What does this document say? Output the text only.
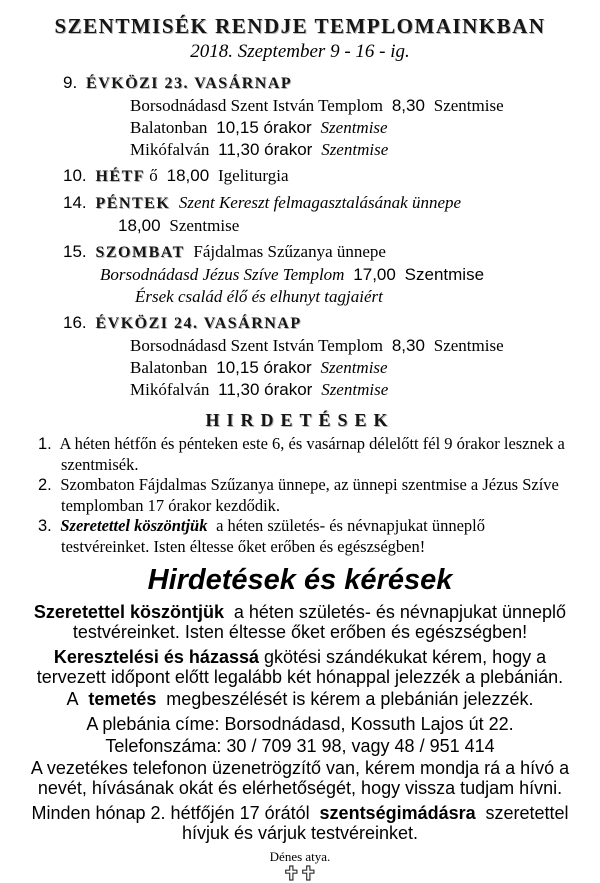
SZENTMISÉK RENDJE TEMPLOMAINKBAN
2018. Szeptember 9 - 16 - ig.
9. ÉVKÖZI 23. VASÁRNAP
Borsodnádasd Szent István Templom 8,30 Szentmise
Balatonban 10,15 órakor Szentmise
Mikófalván 11,30 órakor Szentmise
10. HÉTF ő 18,00 Igeliturgia
14. PÉNTEK Szent Kereszt felmagasztalásának ünnepe
18,00 Szentmise
15. SZOMBAT Fájdalmas Szűzanya ünnepe
Borsodnádasd Jézus Szíve Templom 17,00 Szentmise
Érsek család élő és elhunyt tagjaiért
16. ÉVKÖZI 24. VASÁRNAP
Borsodnádasd Szent István Templom 8,30 Szentmise
Balatonban 10,15 órakor Szentmise
Mikófalván 11,30 órakor Szentmise
HIRDETÉSEK
1. A héten hétfőn és pénteken este 6, és vasárnap délelőtt fél 9 órakor lesznek a szentmisék.
2. Szombaton Fájdalmas Szűzanya ünnepe, az ünnepi szentmise a Jézus Szíve templomban 17 órakor kezdődik.
3. Szeretettel köszöntjük a héten születés- és névnapjukat ünneplő testvéreinket. Isten éltesse őket erőben és egészségben!
Hirdetések és kérések
Szeretettel köszöntjük a héten születés- és névnapjukat ünneplő testvéreinket. Isten éltesse őket erőben és egészségben!
Keresztelési és házassá gkötési szándékukat kérem, hogy a tervezett időpont előtt legalább két hónappal jelezzék a plebánián.
A temetés megbeszélését is kérem a plebánián jelezzék.
A plebánia címe: Borsodnádasd, Kossuth Lajos út 22.
Telefonszáma: 30 / 709 31 98, vagy 48 / 951 414
A vezetékes telefonon üzenetrögzítő van, kérem mondja rá a hívó a nevét, hívásának okát és elérhetőségét, hogy vissza tudjam hívni.
Minden hónap 2. hétfőjén 17 órától szentségimádásra szeretettel hívjuk és várjuk testvéreinket.
Dénes atya.
